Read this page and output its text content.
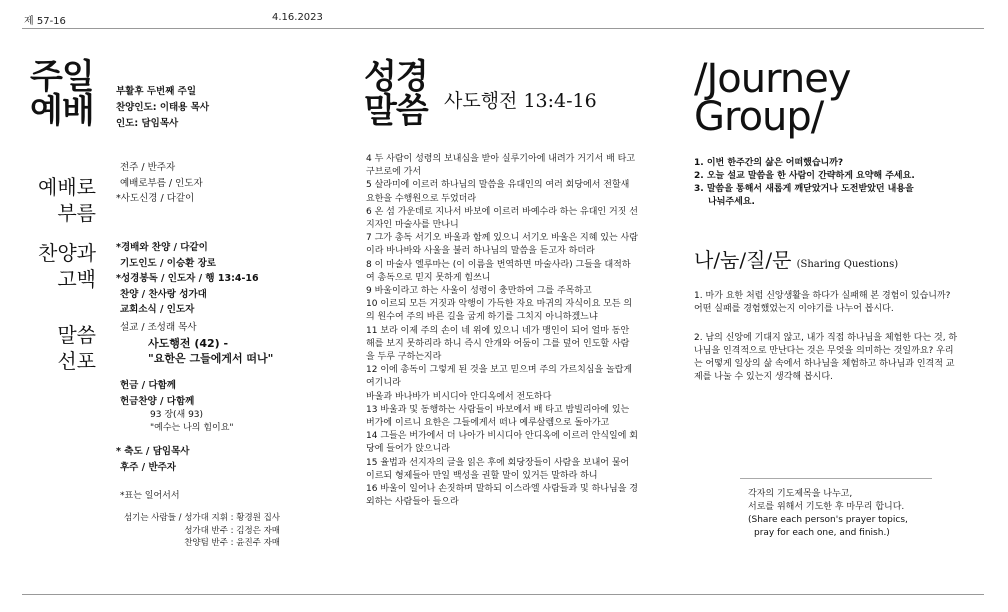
제 57-16	4.16.2023
주일
예배 부활후 두번째 주일
찬양인도: 이태용 목사
인도: 담임목사
예배로
부름
전주 / 반주자
예배로부름 / 인도자
*사도신경 / 다같이
찬양과
고백
*경배와 찬양 / 다같이
기도인도 / 이승환 장로
*성경봉독 / 인도자 / 행 13:4-16
찬양 / 찬사랑 성가대
교회소식 / 인도자
말씀
선포
설교 / 조성래 목사
사도행전 (42) -
"요한은 그들에게서 떠나"
헌금 / 다함께
헌금찬양 / 다함께
93 장(새 93)
"예수는 나의 힘이요"
* 축도 / 담임목사
후주 / 반주자
*표는 일어서서
섬기는 사람들 / 성가대 지휘 : 황경원 집사
성가대 반주 : 김정은 자매
찬양팀 반주 : 윤진주 자매
성경
말씀 사도행전 13:4-16

4 두 사람이 성령의 보내심을 받아 실루기아에 내려가 거기서 배 타고 구브로에 가서

5 살라미에 이르러 하나님의 말씀을 유대인의 여러 회당에서 전할새 요한을 수행원으로 두었더라

6 온 섬 가운데로 지나서 바보에 이르러 바예수라 하는 유대인 거짓 선지자인 마술사를 만나니

7 그가 총독 서기오 바울과 함께 있으니 서기오 바울은 지혜 있는 사람이라 바나바와 사울을 불러 하나님의 말씀을 듣고자 하더라

8 이 마술사 엘루마는 (이 이름을 번역하면 마술사라) 그들을 대적하여 총독으로 믿지 못하게 힘쓰니

9 바울이라고 하는 사울이 성령이 충만하여 그를 주목하고

10 이르되 모든 거짓과 악행이 가득한 자요 마귀의 자식이요 모든 의의 원수여 주의 바른 길을 굽게 하기를 그치지 아니하겠느냐

11 보라 이제 주의 손이 네 위에 있으니 네가 맹인이 되어 얼마 동안 해를 보지 못하리라 하니 즉시 안개와 어둠이 그를 덮어 인도할 사람을 두루 구하는지라

12 이에 총독이 그렇게 된 것을 보고 믿으며 주의 가르치심을 놀랍게 여기니라

바울과 바나바가 비시디아 안디옥에서 전도하다

13 바울과 및 동행하는 사람들이 바보에서 배 타고 밤빌리아에 있는 버가에 이르니 요한은 그들에게서 떠나 예루살렘으로 돌아가고

14 그들은 버가에서 더 나아가 비시디아 안디옥에 이르러 안식일에 회당에 들어가 앉으니라

15 율법과 선지자의 글을 읽은 후에 회당장들이 사람을 보내어 물어 이르되 형제들아 만일 백성을 권할 말이 있거든 말하라 하니

16 바울이 일어나 손짓하며 말하되 이스라엘 사람들과 및 하나님을 경외하는 사람들아 들으라

/Journey
Group/

1. 이번 한주간의 삶은 어떠했습니까?

2. 오늘 설교 말씀을 한 사람이 간략하게 요약해 주세요.

3. 말씀을 통해서 새롭게 깨닫았거나 도전받았던 내용을

나눠주세요.

나/눔/질/문 (Sharing Questions)

1. 마가 요한 처럼 신앙생활을 하다가 실패해 본 경험이 있습니까? 어떤 실패를 경험했었는지 이야기를 나누어 봅시다.

2. 남의 신앙에 기대지 않고, 내가 직접 하나님을 체험한 다는 것, 하나님을 인격적으로 만난다는 것은 무엇을 의미하는 것일까요? 우리는 어떻게 일상의 삶 속에서 하나님을 체험하고 하나님과 인격적 교제를 나눌 수 있는지 생각해 봅시다.

각자의 기도제목을 나누고,
서로를 위해서 기도한 후 마무리 합니다.
(Share each person's prayer topics,
pray for each one, and finish.)
